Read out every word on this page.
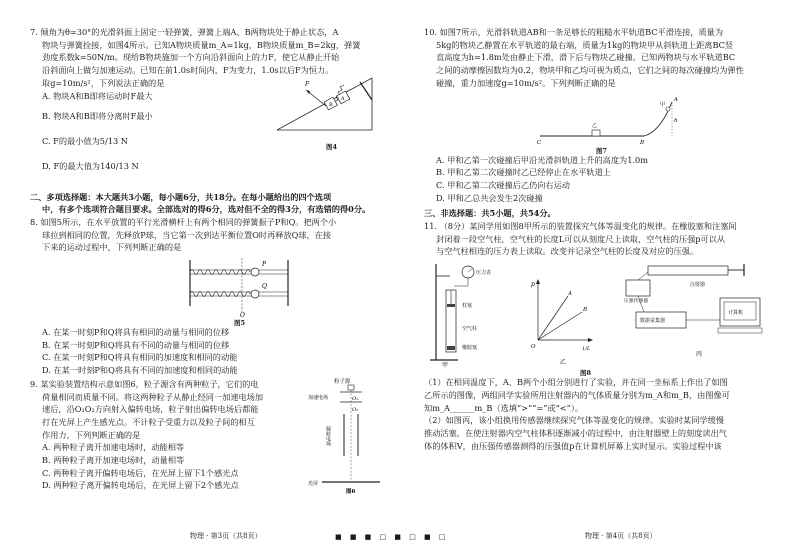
7. 倾角为θ=30°的光滑斜面上固定一轻弹簧，弹簧上端A、B两物块处于静止状态，A
物块与弹簧拴接，如图4所示。已知A物块质量m_A=1kg，B物块质量m_B=2kg，弹簧
劲度系数k=50N/m。现给B物块施加一个方向沿斜面向上的力F，使它从静止开始
沿斜面向上做匀加速运动。已知在前1.0s时间内，F为变力，1.0s以后F为恒力。
取g=10m/s²，下列说法正确的是
A. 物块A和B即将运动时F最大
B. 物块A和B即将分离时F最小
C. F的最小值为5/13 N
D. F的最大值为140/13 N
F
B
A
图4
二、多项选择题：本大题共3小题，每小题6分，共18分。在每小题给出的四个选项
中，有多个选项符合题目要求。全部选对的得6分，选对但不全的得3分，有选错的得0分。
8. 如图5所示，在水平放置的平行光滑横杆上有两个相同的弹簧振子P和Q。把两个小
球拉到相同的位置，先释放P球，当它第一次到达平衡位置O时再释放Q球，在接
下来的运动过程中，下列判断正确的是
P
Q
O
图5
A. 在某一时刻P和Q将具有相同的动量与相同的位移
B. 在某一时刻P和Q将具有不同的动量与相同的位移
C. 在某一时刻P和Q将具有相同的加速度和相同的动能
D. 在某一时刻P和Q将具有不同的加速度和相同的动能
9. 某实验装置结构示意如图6，粒子源含有两种粒子，它们的电
荷量相同而质量不同。将这两种粒子从静止经同一加速电场加
速后，沿O₁O₂方向射入偏转电场，粒子射出偏转电场后都能
打在光屏上产生感光点。不计粒子受重力以及粒子间的相互
作用力，下列判断正确的是
A. 两种粒子离开加速电场时，动能相等
B. 两种粒子离开加速电场时，动量相等
C. 两种粒子离开偏转电场后，在光屏上留下1个感光点
D. 两种粒子离开偏转电场后，在光屏上留下2个感光点
粒子源
加速电场	O₁
O₂
偏转电场
光屏
图6
10. 如图7所示，光滑斜轨道AB和一条足够长的粗糙水平轨道BC平滑连接，质量为
5kg的物块乙静置在水平轨道的最右端，质量为1kg的物块甲从斜轨道上距离BC竖
直高度为h=1.8m处由静止下滑，滑下后与物块乙碰撞。已知两物块与水平轨道BC
之间的动摩擦因数均为0.2，物块甲和乙均可视为质点，它们之间的每次碰撞均为弹性
碰撞，重力加速度g=10m/s²。下列判断正确的是
C	B
A
h
乙
甲
图7
A. 甲和乙第一次碰撞后甲沿光滑斜轨道上升的高度为1.0m
B. 甲和乙第二次碰撞时乙已经停止在水平轨道上
C. 甲和乙第二次碰撞后乙仍向右运动
D. 甲和乙总共会发生2次碰撞
三、非选择题：共5小题，共54分。
11. （8分）某同学用如图8甲所示的装置探究气体等温变化的规律。在橡胶塞和注塞间
封闭着一段空气柱，空气柱的长度L可以从刻度尺上读取，空气柱的压强p可以从
与空气柱相连的压力表上读取。改变并记录空气柱的长度及对应的压强。
压力表
柱塞
空气柱
橡胶塞
甲
p
A
B
O	1/L
乙
压强传感器
注射器
数据采集器
计算机
丙
图8
（1）在相同温度下，A、B两个小组分别进行了实验，并在同一坐标系上作出了如图
乙所示的图像，两组同学实验所用注射器内的气体质量分别为m_A和m_B，由图像可
知m_A______m_B（选填“>”“=”或“<”）。
（2）如图丙，该小组换用传感器继续探究气体等温变化的规律。实验时某同学缓慢
推动活塞，在使注射器内空气柱体积逐渐减小的过程中，由注射器壁上的刻度读出气
体的体积V，由压强传感器测得的压强值p在计算机屏幕上实时显示。实验过程中该
物理 · 第3页（共8页）	■ ■ ■ □ ■ □ ■ □	物理 · 第4页（共8页）
